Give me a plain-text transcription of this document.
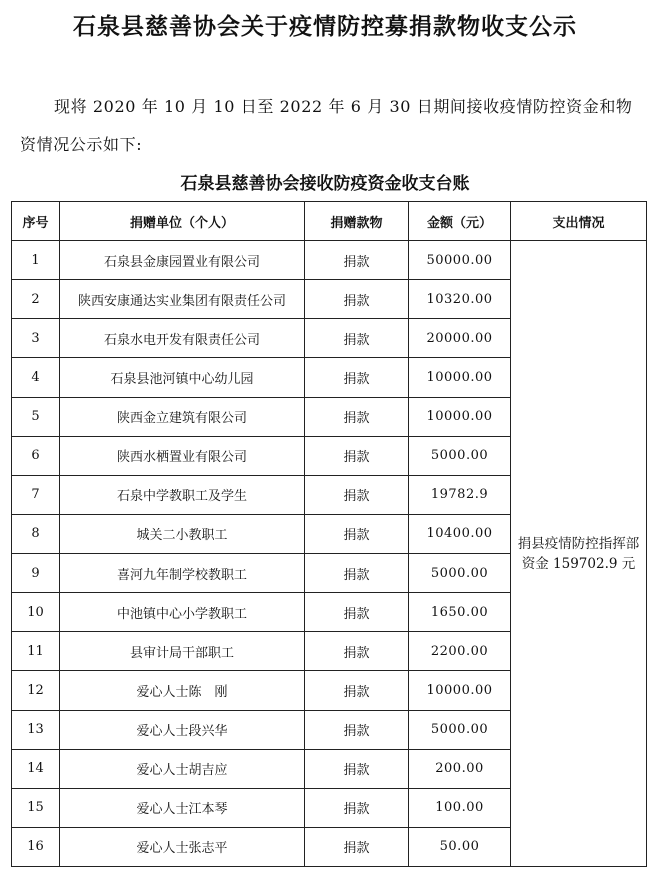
石泉县慈善协会关于疫情防控募捐款物收支公示
现将 2020 年 10 月 10 日至 2022 年 6 月 30 日期间接收疫情防控资金和物资情况公示如下:
石泉县慈善协会接收防疫资金收支台账
序号	捐赠单位（个人）	捐赠款物	金额（元）	支出情况
1	石泉县金康园置业有限公司	捐款	50000.00	捐县疫情防控指挥部资金 159702.9 元
2	陕西安康通达实业集团有限责任公司	捐款	10320.00	
3	石泉水电开发有限责任公司	捐款	20000.00	
4	石泉县池河镇中心幼儿园	捐款	10000.00	
5	陕西金立建筑有限公司	捐款	10000.00	
6	陕西水栖置业有限公司	捐款	5000.00	
7	石泉中学教职工及学生	捐款	19782.9	
8	城关二小教职工	捐款	10400.00	
9	喜河九年制学校教职工	捐款	5000.00	
10	中池镇中心小学教职工	捐款	1650.00	
11	县审计局干部职工	捐款	2200.00	
12	爱心人士陈　刚	捐款	10000.00	
13	爱心人士段兴华	捐款	5000.00	
14	爱心人士胡吉应	捐款	200.00	
15	爱心人士江本琴	捐款	100.00	
16	爱心人士张志平	捐款	50.00	
